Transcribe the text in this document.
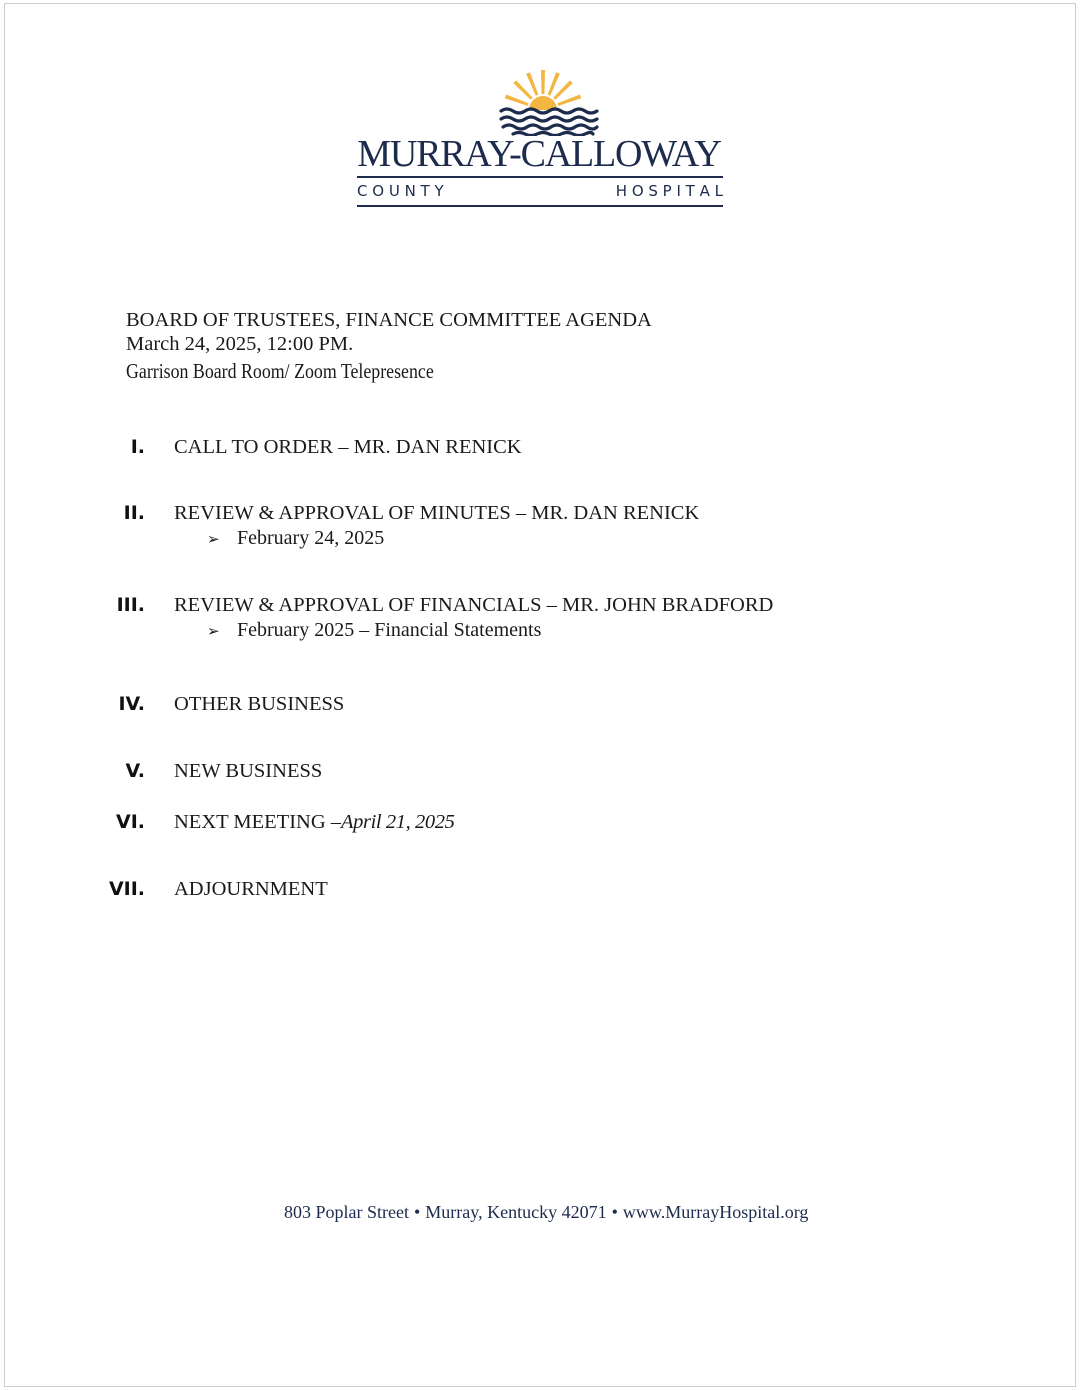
MURRAY-CALLOWAY
C O U N T Y	H O S P I T A L
BOARD OF TRUSTEES, FINANCE COMMITTEE AGENDA
March 24, 2025, 12:00 PM.
Garrison Board Room/ Zoom Telepresence
I. CALL TO ORDER – MR. DAN RENICK
II. REVIEW & APPROVAL OF MINUTES – MR. DAN RENICK
➢ February 24, 2025
III. REVIEW & APPROVAL OF FINANCIALS – MR. JOHN BRADFORD
➢ February 2025 – Financial Statements
IV. OTHER BUSINESS
V. NEW BUSINESS
VI. NEXT MEETING –April 21, 2025
VII. ADJOURNMENT
803 Poplar Street • Murray, Kentucky 42071 • www.MurrayHospital.org
